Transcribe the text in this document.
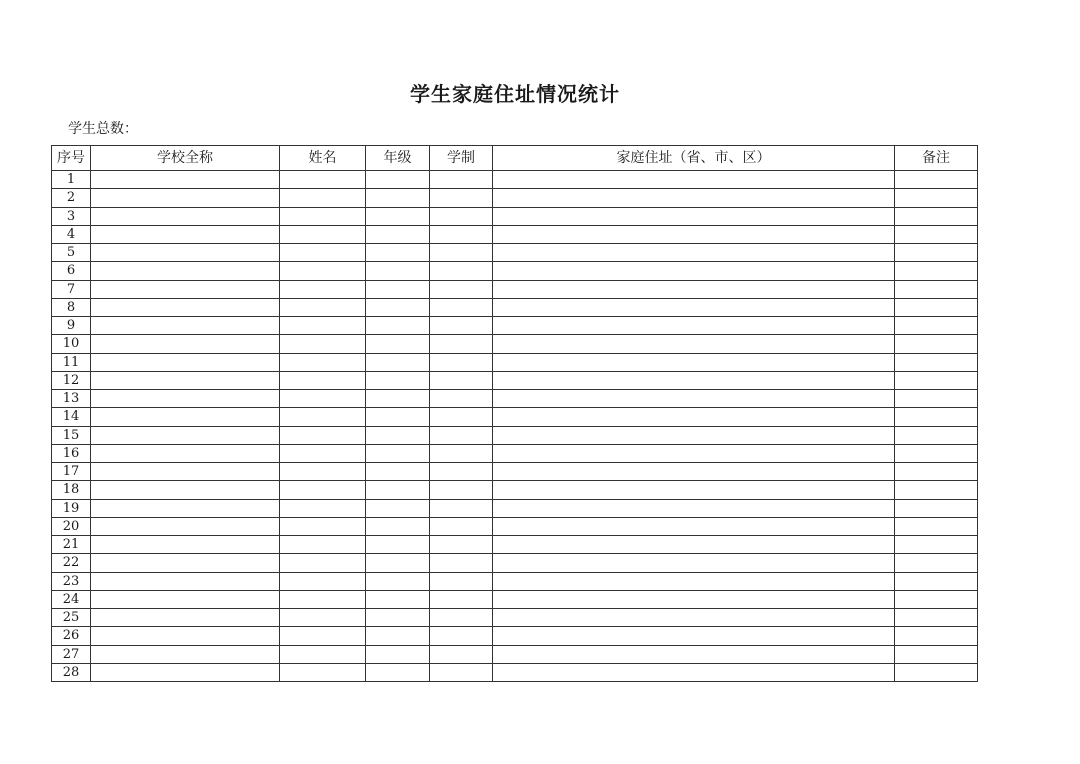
学生家庭住址情况统计
学生总数：
序号	学校全称	姓名	年级	学制	家庭住址（省、市、区）	备注
1						
2						
3						
4						
5						
6						
7						
8						
9						
10						
11						
12						
13						
14						
15						
16						
17						
18						
19						
20						
21						
22						
23						
24						
25						
26						
27						
28						
